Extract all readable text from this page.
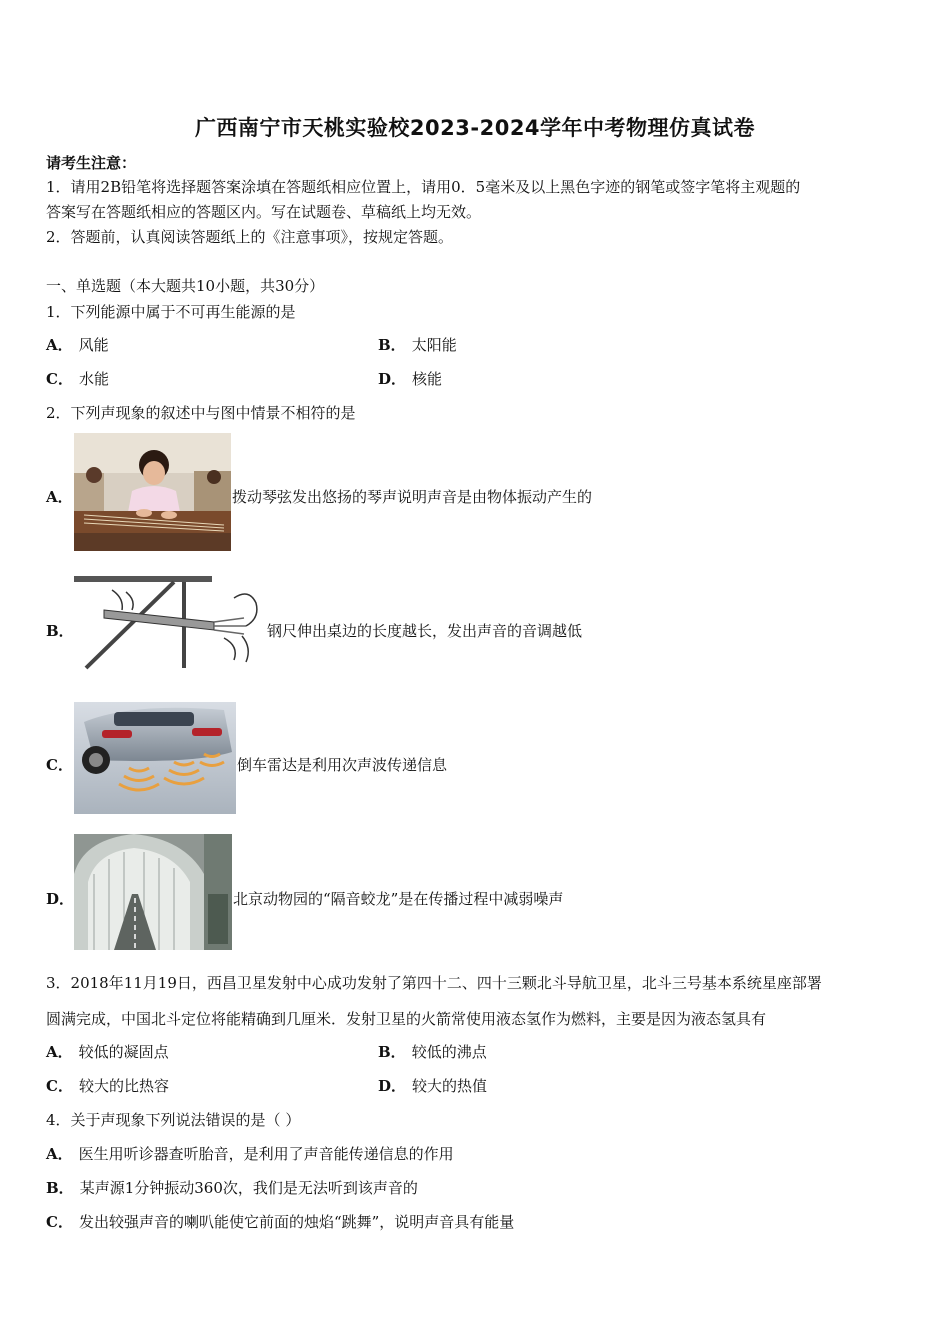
广西南宁市天桃实验校2023-2024学年中考物理仿真试卷
请考生注意：
1．请用2B铅笔将选择题答案涂填在答题纸相应位置上，请用0．5毫米及以上黑色字迹的钢笔或签字笔将主观题的
答案写在答题纸相应的答题区内。写在试题卷、草稿纸上均无效。
2．答题前，认真阅读答题纸上的《注意事项》，按规定答题。
一、单选题（本大题共10小题，共30分）
1．下列能源中属于不可再生能源的是
A． 风能	B． 太阳能
C． 水能	D． 核能
2．下列声现象的叙述中与图中情景不相符的是
A．	拨动琴弦发出悠扬的琴声说明声音是由物体振动产生的
B．	钢尺伸出桌边的长度越长，发出声音的音调越低
C．	倒车雷达是利用次声波传递信息
D．	北京动物园的“隔音蛟龙”是在传播过程中减弱噪声
3．2018年11月19日，西昌卫星发射中心成功发射了第四十二、四十三颗北斗导航卫星，北斗三号基本系统星座部署
圆满完成，中国北斗定位将能精确到几厘米．发射卫星的火箭常使用液态氢作为燃料，主要是因为液态氢具有
A． 较低的凝固点	B． 较低的沸点
C． 较大的比热容	D． 较大的热值
4．关于声现象下列说法错误的是（ ）
A． 医生用听诊器查听胎音，是利用了声音能传递信息的作用
B． 某声源1分钟振动360次，我们是无法听到该声音的
C． 发出较强声音的喇叭能使它前面的烛焰“跳舞”，说明声音具有能量
